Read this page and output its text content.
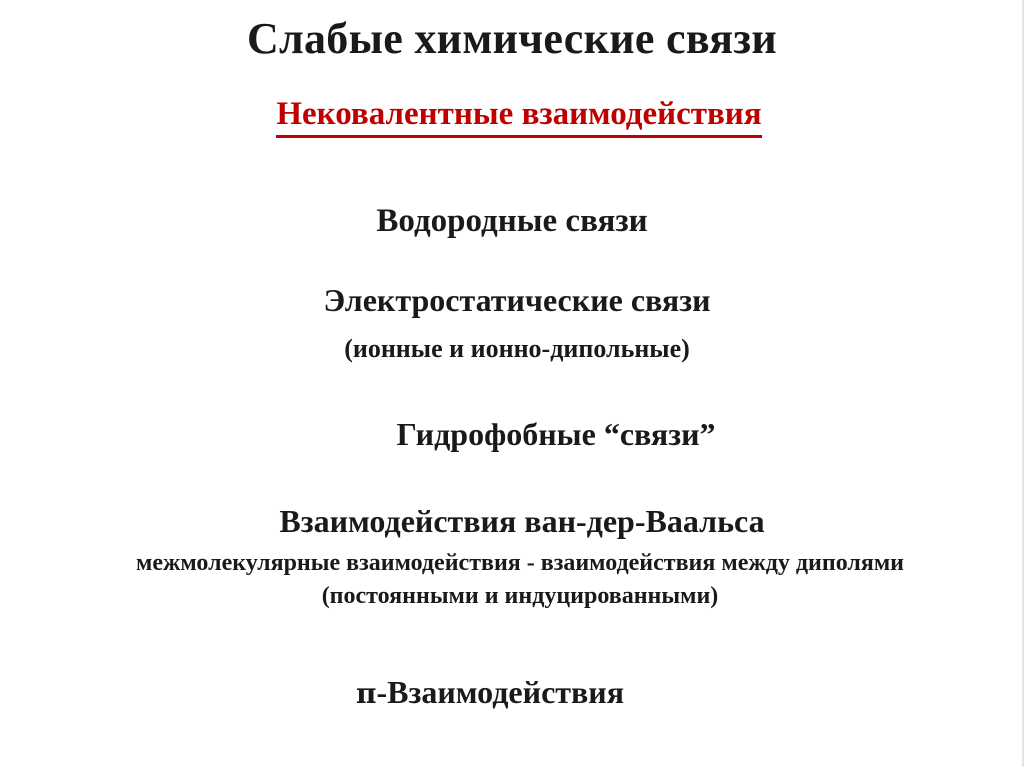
Слабые химические связи
Нековалентные взаимодействия
Водородные связи
Электростатические связи
(ионные и ионно-дипольные)
Гидрофобные “связи”
Взаимодействия ван-дер-Ваальса
межмолекулярные взаимодействия - взаимодействия между диполями
(постоянными и индуцированными)
π-Взаимодействия
